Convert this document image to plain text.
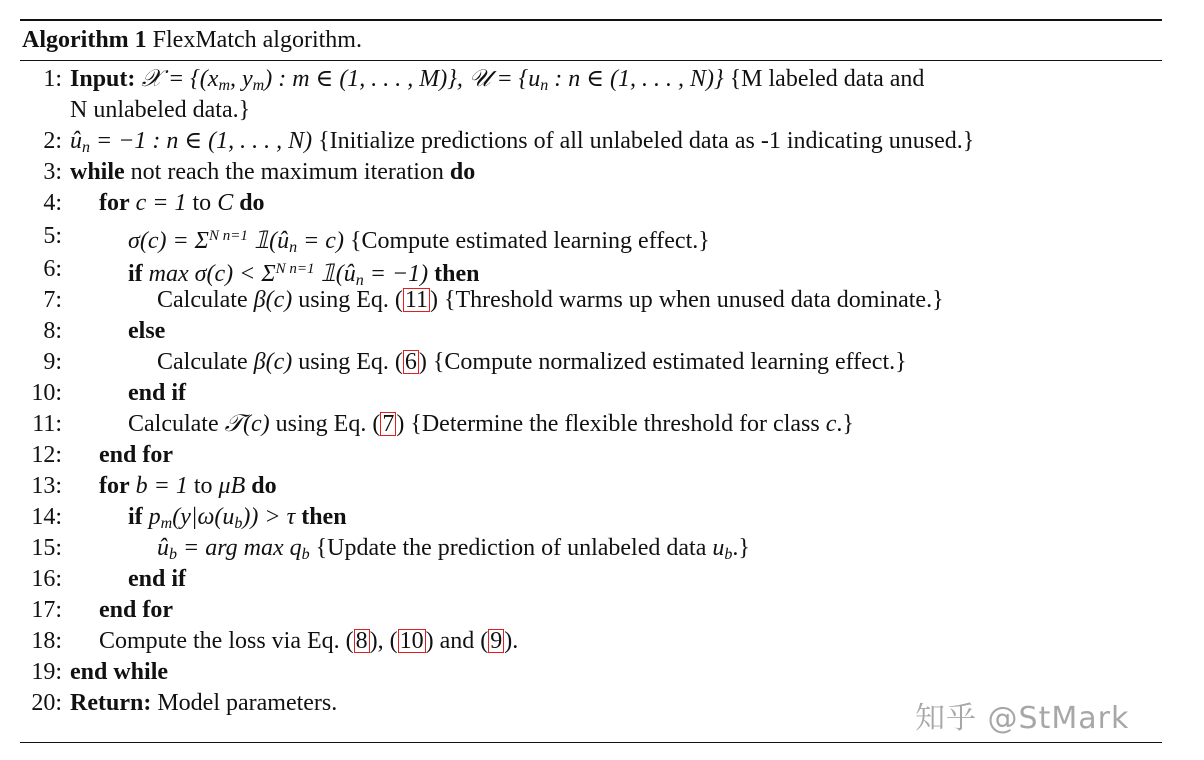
Algorithm 1 FlexMatch algorithm.
1: Input: 𝒳 = {(xm, ym) : m ∈ (1, . . . , M)}, 𝒰 = {un : n ∈ (1, . . . , N)} {M labeled data and
N unlabeled data.}
2: ûn = −1 : n ∈ (1, . . . , N) {Initialize predictions of all unlabeled data as -1 indicating unused.}
3: while not reach the maximum iteration do
4: for c = 1 to C do
5:	$\sigma(c) = \Sigma^{N n=1}$ 𝟙(ûn = c) {Compute estimated learning effect.}
6:	if $\max \sigma(c) < \Sigma^{N n=1}$ 𝟙(ûn = −1) then
7:	Calculate β(c) using Eq. (11) {Threshold warms up when unused data dominate.}
8:	else
9:	Calculate β(c) using Eq. (6) {Compute normalized estimated learning effect.}
10:	end if
11:	Calculate 𝒯(c) using Eq. (7) {Determine the flexible threshold for class c.}
12: end for
13: for b = 1 to μB do
14:	if pm(y|ω(ub)) > τ then
15:	ûb = arg max qb {Update the prediction of unlabeled data ub.}
16:	end if
17: end for
18: Compute the loss via Eq. (8), (10) and (9).
19: end while
20: Return: Model parameters.	知乎 @StMark
